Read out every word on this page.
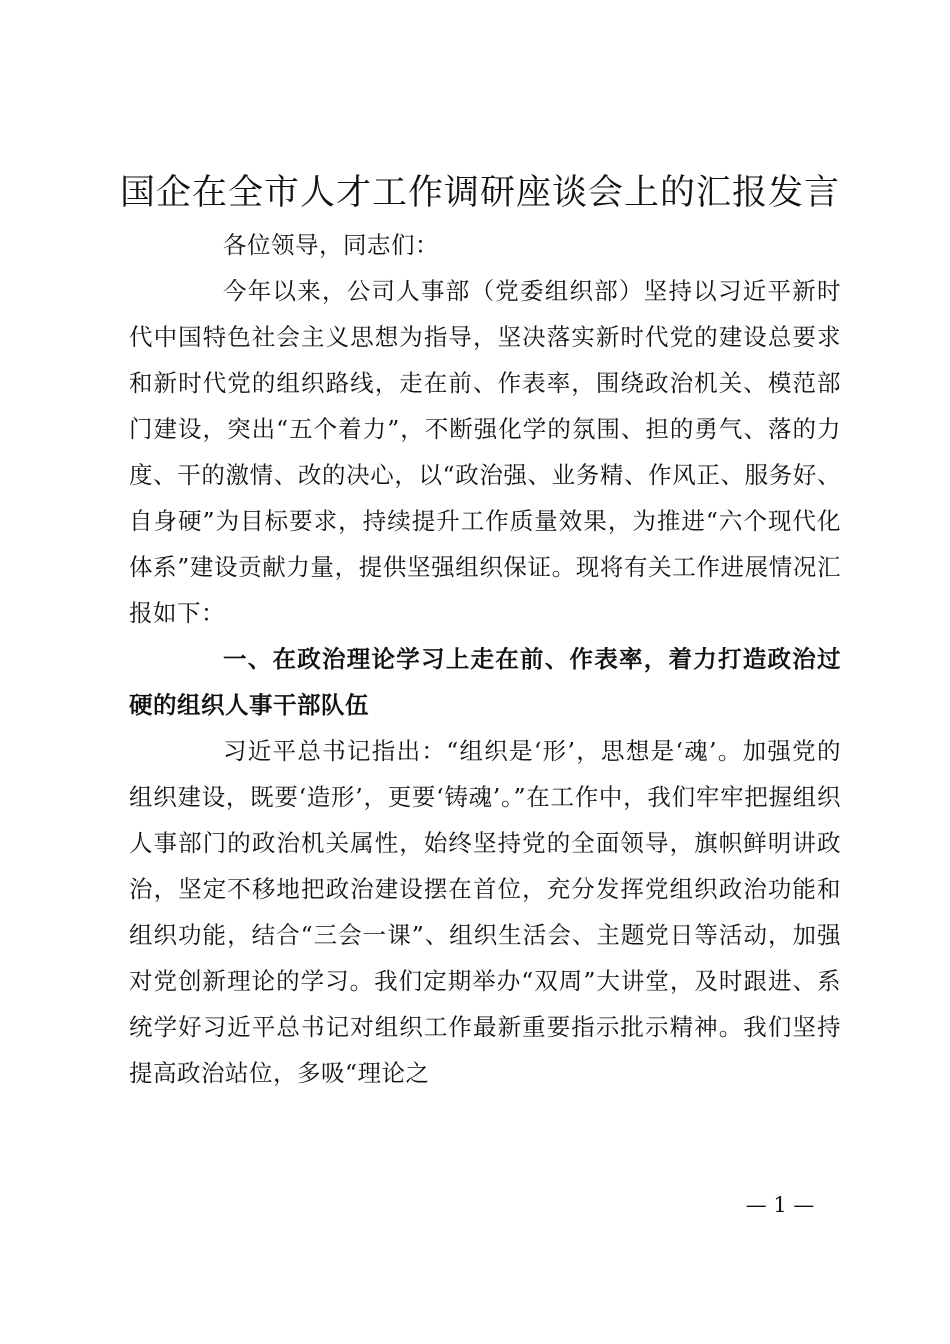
国企在全市人才工作调研座谈会上的汇报发言

各位领导，同志们：

今年以来，公司人事部（党委组织部）坚持以习近平新时代中国特色社会主义思想为指导，坚决落实新时代党的建设总要求和新时代党的组织路线，走在前、作表率，围绕政治机关、模范部门建设，突出“五个着力”，不断强化学的氛围、担的勇气、落的力度、干的激情、改的决心，以“政治强、业务精、作风正、服务好、自身硬”为目标要求，持续提升工作质量效果，为推进“六个现代化体系”建设贡献力量，提供坚强组织保证。现将有关工作进展情况汇报如下：

一、在政治理论学习上走在前、作表率，着力打造政治过硬的组织人事干部队伍

习近平总书记指出：“组织是‘形’，思想是‘魂’。加强党的组织建设，既要‘造形’，更要‘铸魂’。”在工作中，我们牢牢把握组织人事部门的政治机关属性，始终坚持党的全面领导，旗帜鲜明讲政治，坚定不移地把政治建设摆在首位，充分发挥党组织政治功能和组织功能，结合“三会一课”、组织生活会、主题党日等活动，加强对党创新理论的学习。我们定期举办“双周”大讲堂，及时跟进、系统学好习近平总书记对组织工作最新重要指示批示精神。我们坚持提高政治站位，多吸“理论之

— 1 —
